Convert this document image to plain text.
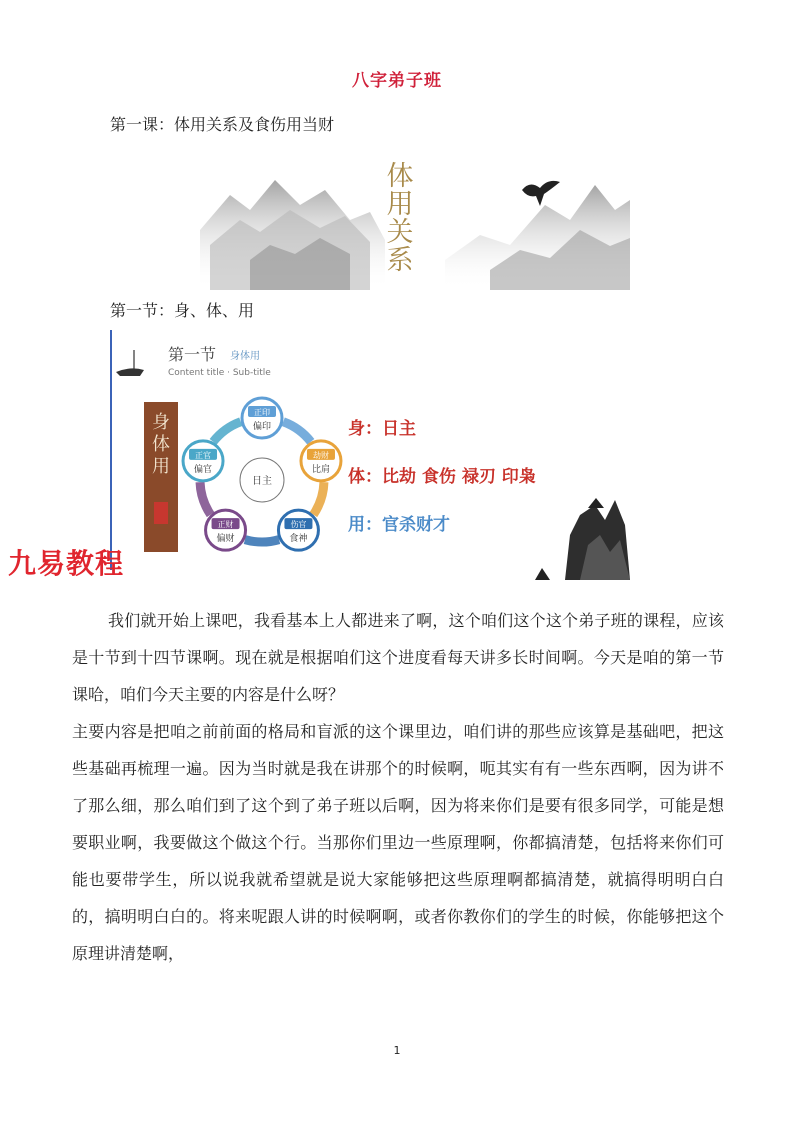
八字弟子班
第一课：体用关系及食伤用当财
体
用
关
系
第一节：身、体、用
第一节 身体用
Content title · Sub-title
身
体
用
正印
偏印
劫财
比肩
伤官
食神
正财
偏财
正官
偏官
日主
身：日主
体：比劫 食伤 禄刃 印枭
用：官杀财才
九易教程

我们就开始上课吧，我看基本上人都进来了啊，这个咱们这个这个弟子班的课程，应该是十节到十四节课啊。现在就是根据咱们这个进度看每天讲多长时间啊。今天是咱的第一节课哈，咱们今天主要的内容是什么呀？

主要内容是把咱之前前面的格局和盲派的这个课里边，咱们讲的那些应该算是基础吧，把这些基础再梳理一遍。因为当时就是我在讲那个的时候啊，呃其实有有一些东西啊，因为讲不了那么细，那么咱们到了这个到了弟子班以后啊，因为将来你们是要有很多同学，可能是想要职业啊，我要做这个做这个行。当那你们里边一些原理啊，你都搞清楚，包括将来你们可能也要带学生，所以说我就希望就是说大家能够把这些原理啊都搞清楚，就搞得明明白白的，搞明明白白的。将来呢跟人讲的时候啊啊，或者你教你们的学生的时候，你能够把这个原理讲清楚啊，

1
